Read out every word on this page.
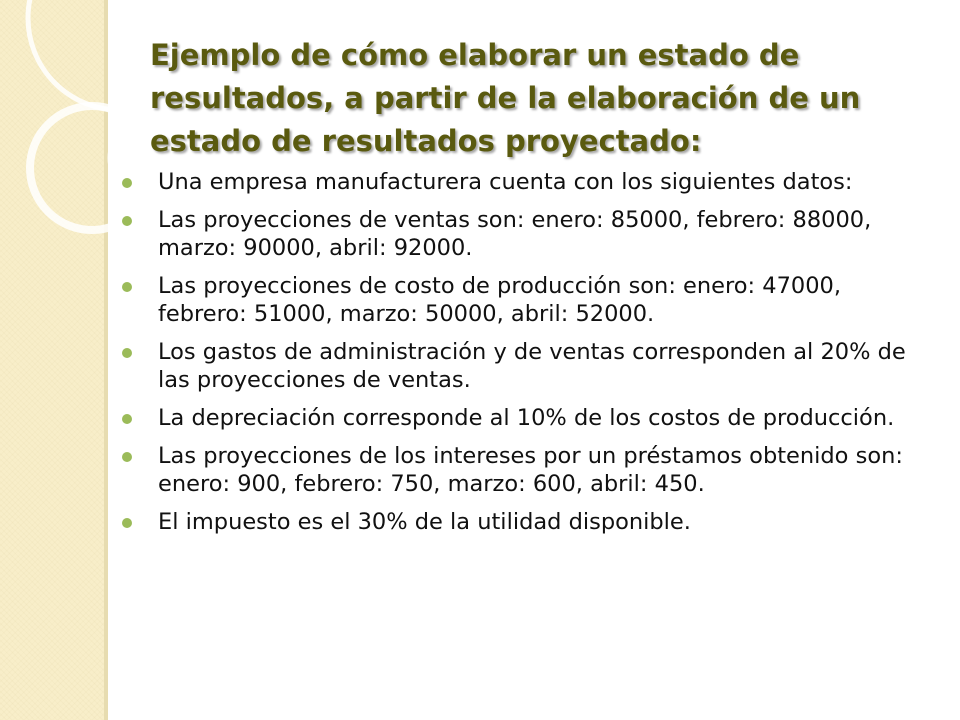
Ejemplo de cómo elaborar un estado de resultados, a partir de la elaboración de un estado de resultados proyectado:
Una empresa manufacturera cuenta con los siguientes datos:
Las proyecciones de ventas son: enero: 85000, febrero: 88000, marzo: 90000, abril: 92000.
Las proyecciones de costo de producción son: enero: 47000, febrero: 51000, marzo: 50000, abril: 52000.
Los gastos de administración y de ventas corresponden al 20% de las proyecciones de ventas.
La depreciación corresponde al 10% de los costos de producción.
Las proyecciones de los intereses por un préstamos obtenido son: enero: 900, febrero: 750, marzo: 600, abril: 450.
El impuesto es el 30% de la utilidad disponible.
